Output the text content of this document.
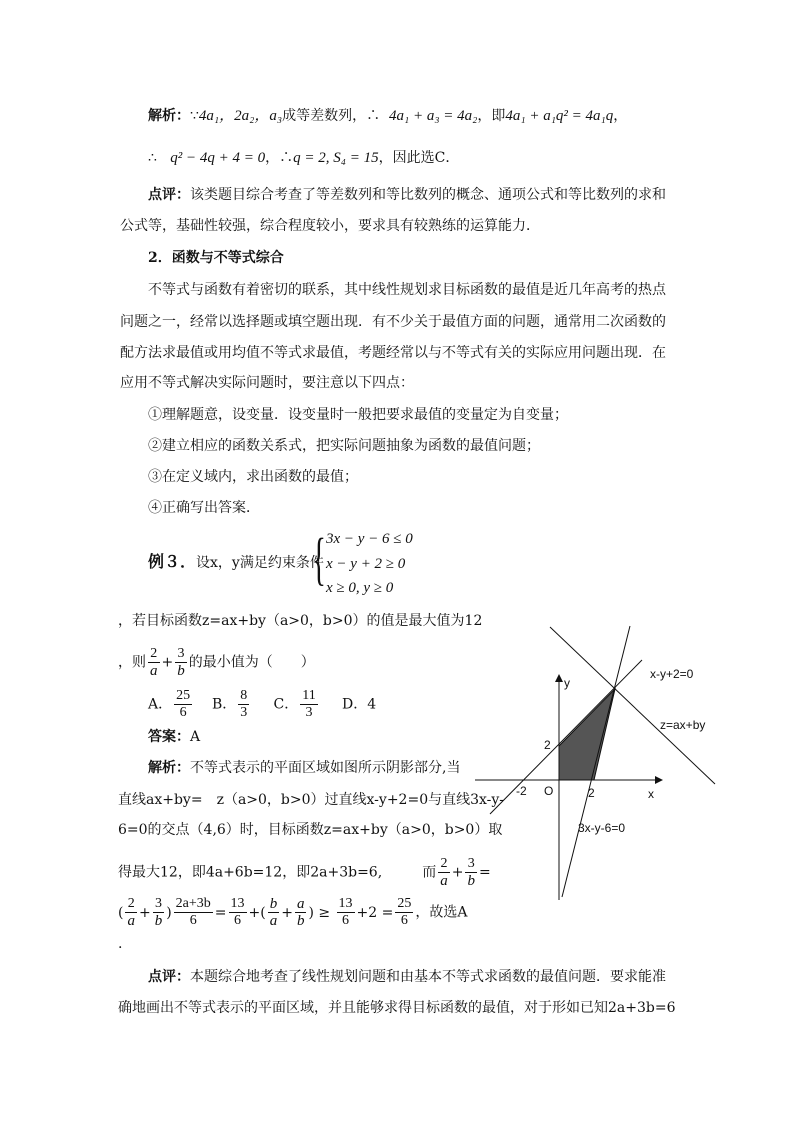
解析：∵4a₁，2a₂，a₃成等差数列，∴ 4a₁ + a₃ = 4a₂，即4a₁ + a₁q² = 4a₁q，
∴ q² − 4q + 4 = 0，∴q = 2, S₄ = 15，因此选C．
点评：该类题目综合考查了等差数列和等比数列的概念、通项公式和等比数列的求和
公式等，基础性较强，综合程度较小，要求具有较熟练的运算能力．
2．函数与不等式综合
不等式与函数有着密切的联系，其中线性规划求目标函数的最值是近几年高考的热点
问题之一，经常以选择题或填空题出现．有不少关于最值方面的问题，通常用二次函数的
配方法求最值或用均值不等式求最值，考题经常以与不等式有关的实际应用问题出现．在
应用不等式解决实际问题时，要注意以下四点：
①理解题意，设变量．设变量时一般把要求最值的变量定为自变量；
②建立相应的函数关系式，把实际问题抽象为函数的最值问题；
③在定义域内，求出函数的最值；
④正确写出答案．
例３．设x，y满足约束条件
{ 3x − y − 6 ≤ 0
x − y + 2 ≥ 0
x ≥ 0, y ≥ 0
，若目标函数z=ax+by（a>0，b>0）的值是最大值为12
，则 $\frac{2}{a} + \frac{3}{b}$ 的最小值为（　　）
A． $\frac{25}{6}$ B． $\frac{8}{3}$ C． $\frac{11}{3}$ D．4
答案：A
解析：不等式表示的平面区域如图所示阴影部分,当
直线ax+by=　z（a>0，b>0）过直线x-y+2=0与直线3x-y-
6=0的交点（4,6）时，目标函数z=ax+by（a>0，b>0）取
得最大12，即4a+6b=12，即2a+3b=6,	而 $\frac{2}{a} + \frac{3}{b}$ =
( $\frac{2}{a} + \frac{3}{b}$ ) $\frac{2a+3b}{6} = \frac{13}{6}$ +( $\frac{b}{a} + \frac{a}{b}$ ) ≥ $\frac{13}{6} +2 = \frac{25}{6}$ ，故选A
.
点评：本题综合地考查了线性规划问题和由基本不等式求函数的最值问题．要求能准
确地画出不等式表示的平面区域，并且能够求得目标函数的最值，对于形如已知2a+3b=6
y
x
O
2
-2	2
x-y+2=0
z=ax+by
3x-y-6=0
